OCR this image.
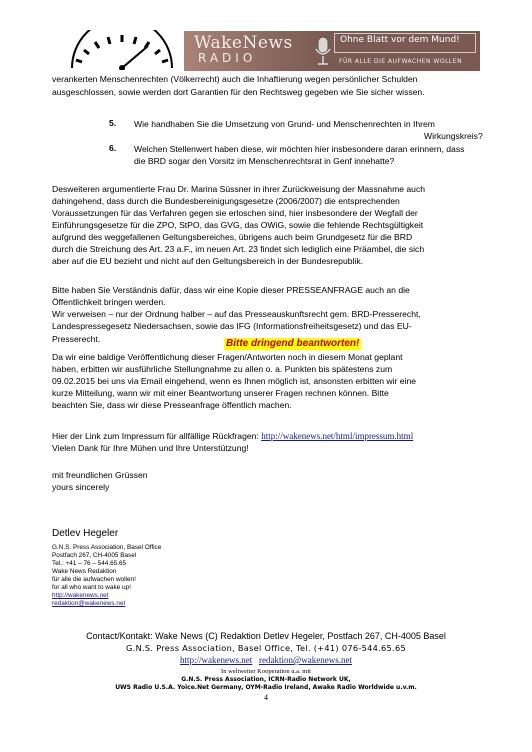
WakeNews
RADIO
Ohne Blatt vor dem Mund!
FÜR ALLE DIE AUFWACHEN WOLLEN
verankerten Menschenrechten (Völkerrecht) auch die Inhaftierung wegen persönlicher Schulden
ausgeschlossen, sowie werden dort Garantien für den Rechtsweg gegeben wie Sie sicher wissen.
5. Wie handhaben Sie die Umsetzung von Grund- und Menschenrechten in Ihrem
Wirkungskreis?
6. Welchen Stellenwert haben diese, wir möchten hier insbesondere daran erinnern, dass
die BRD sogar den Vorsitz im Menschenrechtsrat in Genf innehatte?
Desweiteren argumentierte Frau Dr. Marina Süssner in ihrer Zurückweisung der Massnahme auch
dahingehend, dass durch die Bundesbereinigungsgesetze (2006/2007) die entsprechenden
Voraussetzungen für das Verfahren gegen sie erloschen sind, hier insbesondere der Wegfall der
Einführungsgesetze für die ZPO, StPO, das GVG, das OWiG, sowie die fehlende Rechtsgültigkeit
aufgrund des weggefallenen Geltungsbereiches, übrigens auch beim Grundgesetz für die BRD
durch die Streichung des Art. 23 a.F., im neuen Art. 23 findet sich lediglich eine Präambel, die sich
aber auf die EU bezieht und nicht auf den Geltungsbereich in der Bundesrepublik.
Bitte haben Sie Verständnis dafür, dass wir eine Kopie dieser PRESSEANFRAGE auch an die
Öffentlichkeit bringen werden.
Wir verweisen – nur der Ordnung halber – auf das Presseauskunftsrecht gem. BRD-Presserecht,
Landespressegesetz Niedersachsen, sowie das IFG (Informationsfreiheitsgesetz) und das EU-
Presserecht.	Bitte dringend beantworten!
Da wir eine baldige Veröffentlichung dieser Fragen/Antworten noch in diesem Monat geplant
haben, erbitten wir ausführliche Stellungnahme zu allen o. a. Punkten bis spätestens zum
09.02.2015 bei uns via Email eingehend, wenn es Ihnen möglich ist, ansonsten erbitten wir eine
kurze Mitteilung, wann wir mit einer Beantwortung unserer Fragen rechnen können. Bitte
beachten Sie, dass wir diese Presseanfrage öffentlich machen.
Hier der Link zum Impressum für allfällige Rückfragen: http://wakenews.net/html/impressum.html
Vielen Dank für Ihre Mühen und Ihre Unterstützung!
mit freundlichen Grüssen
yours sincerely
Detlev Hegeler
G.N.S. Press Association, Basel Office
Postfach 267, CH-4005 Basel
Tel.: +41 – 76 – 544.65.65
Wake News Redaktion
für alle die aufwachen wollen!
for all who want to wake up!
http://wakenews.net
redaktion@wakenews.net
Contact/Kontakt: Wake News (C) Redaktion Detlev Hegeler, Postfach 267, CH-4005 Basel
G.N.S. Press Association, Basel Office, Tel. (+41) 076-544.65.65
http://wakenews.net redaktion@wakenews.net
In weltweiter Kooperation u.a. mit
G.N.S. Press Association, ICRN-Radio Network UK,
UWS Radio U.S.A. Yoice.Net Germany, OYM-Radio Ireland, Awake Radio Worldwide u.v.m.
4
